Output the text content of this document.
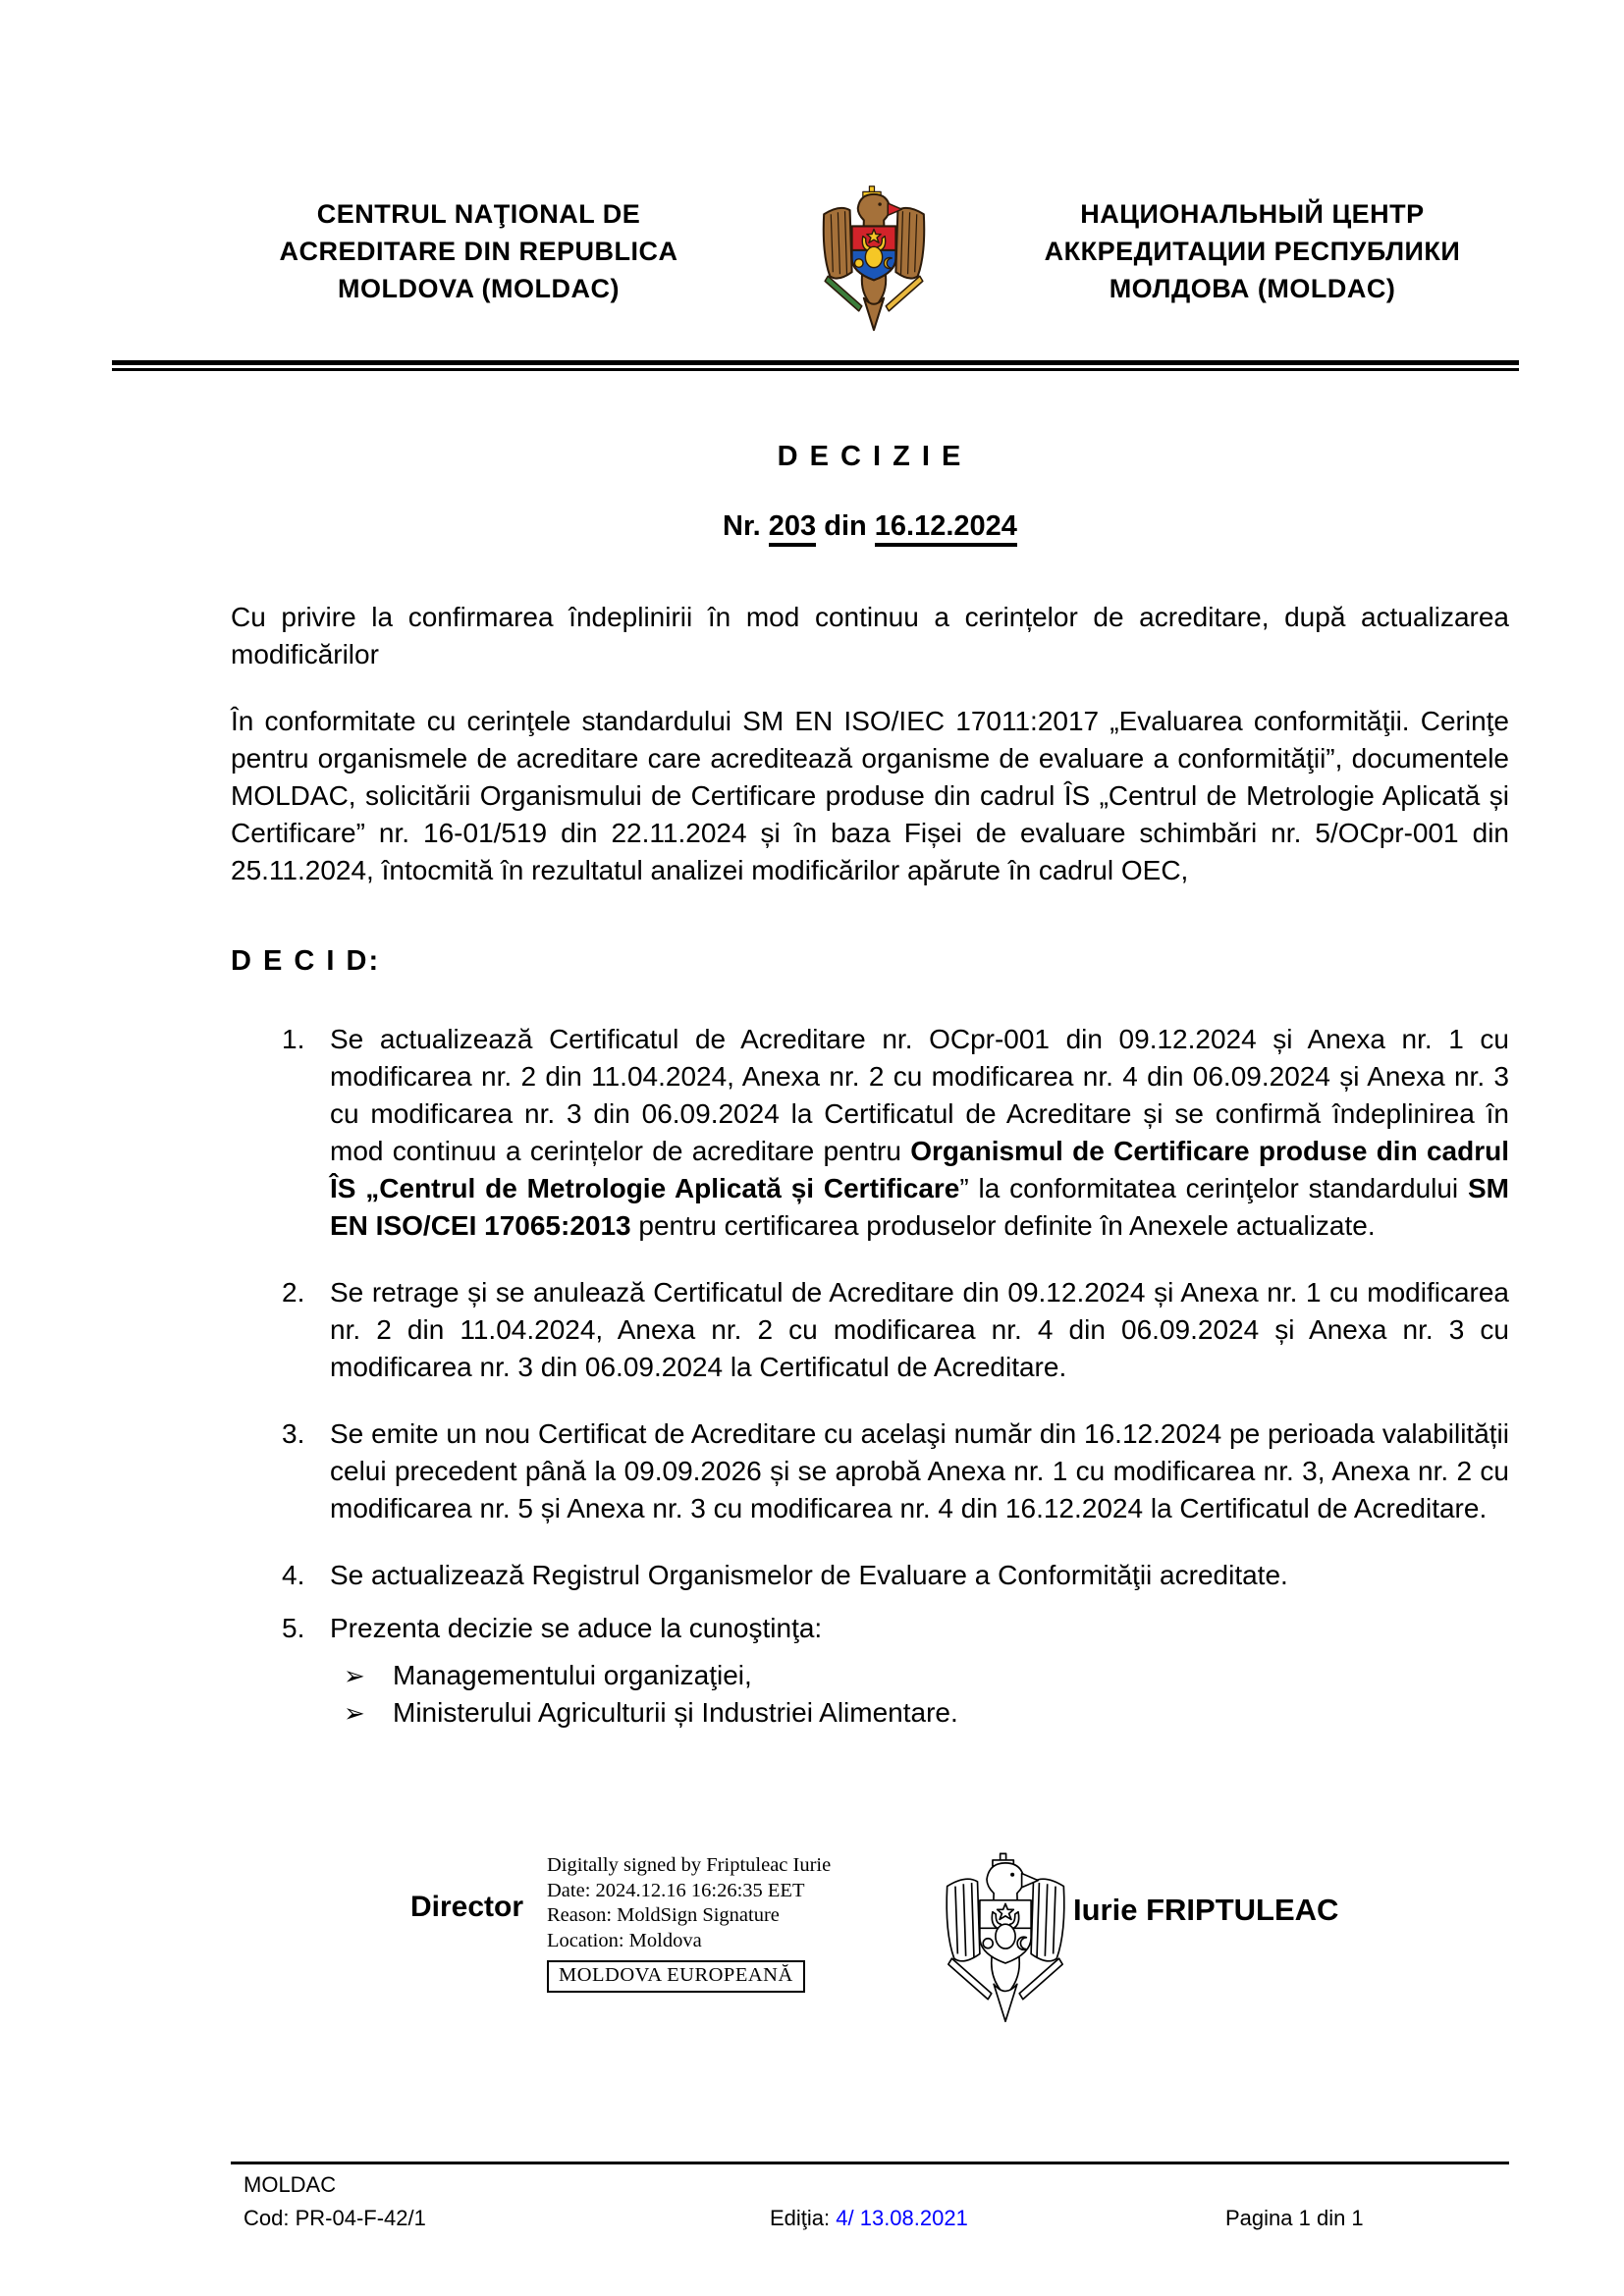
CENTRUL NAŢIONAL DE
ACREDITARE DIN REPUBLICA
MOLDOVA (MOLDAC)
НАЦИОНАЛЬНЫЙ ЦЕНТР
АККРЕДИТАЦИИ РЕСПУБЛИКИ
МОЛДОВА (MOLDAC)
D E C I Z I E
Nr. 203 din 16.12.2024
Cu privire la confirmarea îndeplinirii în mod continuu a cerințelor de acreditare, după actualizarea modificărilor
În conformitate cu cerinţele standardului SM EN ISO/IEC 17011:2017 „Evaluarea conformităţii. Cerinţe pentru organismele de acreditare care acreditează organisme de evaluare a conformităţii”, documentele MOLDAC, solicitării Organismului de Certificare produse din cadrul ÎS „Centrul de Metrologie Aplicată și Certificare” nr. 16-01/519 din 22.11.2024 și în baza Fișei de evaluare schimbări nr. 5/OCpr-001 din 25.11.2024, întocmită în rezultatul analizei modificărilor apărute în cadrul OEC,
D E C I D:
1. Se actualizează Certificatul de Acreditare nr. OCpr-001 din 09.12.2024 și Anexa nr. 1 cu modificarea nr. 2 din 11.04.2024, Anexa nr. 2 cu modificarea nr. 4 din 06.09.2024 și Anexa nr. 3 cu modificarea nr. 3 din 06.09.2024 la Certificatul de Acreditare și se confirmă îndeplinirea în mod continuu a cerințelor de acreditare pentru Organismul de Certificare produse din cadrul ÎS „Centrul de Metrologie Aplicată și Certificare” la conformitatea cerinţelor standardului SM EN ISO/CEI 17065:2013 pentru certificarea produselor definite în Anexele actualizate.
2. Se retrage și se anulează Certificatul de Acreditare din 09.12.2024 și Anexa nr. 1 cu modificarea nr. 2 din 11.04.2024, Anexa nr. 2 cu modificarea nr. 4 din 06.09.2024 și Anexa nr. 3 cu modificarea nr. 3 din 06.09.2024 la Certificatul de Acreditare.
3. Se emite un nou Certificat de Acreditare cu acelaşi număr din 16.12.2024 pe perioada valabilității celui precedent până la 09.09.2026 și se aprobă Anexa nr. 1 cu modificarea nr. 3, Anexa nr. 2 cu modificarea nr. 5 și Anexa nr. 3 cu modificarea nr. 4 din 16.12.2024 la Certificatul de Acreditare.
4. Se actualizează Registrul Organismelor de Evaluare a Conformităţii acreditate.
5. Prezenta decizie se aduce la cunoştinţa:
➢	Managementului organizaţiei,
➢	Ministerului Agriculturii și Industriei Alimentare.
Director
Digitally signed by Friptuleac Iurie
Date: 2024.12.16 16:26:35 EET
Reason: MoldSign Signature
Location: Moldova
MOLDOVA EUROPEANĂ
Iurie FRIPTULEAC
MOLDAC
Cod: PR-04-F-42/1	Ediţia: 4/ 13.08.2021	Pagina 1 din 1
